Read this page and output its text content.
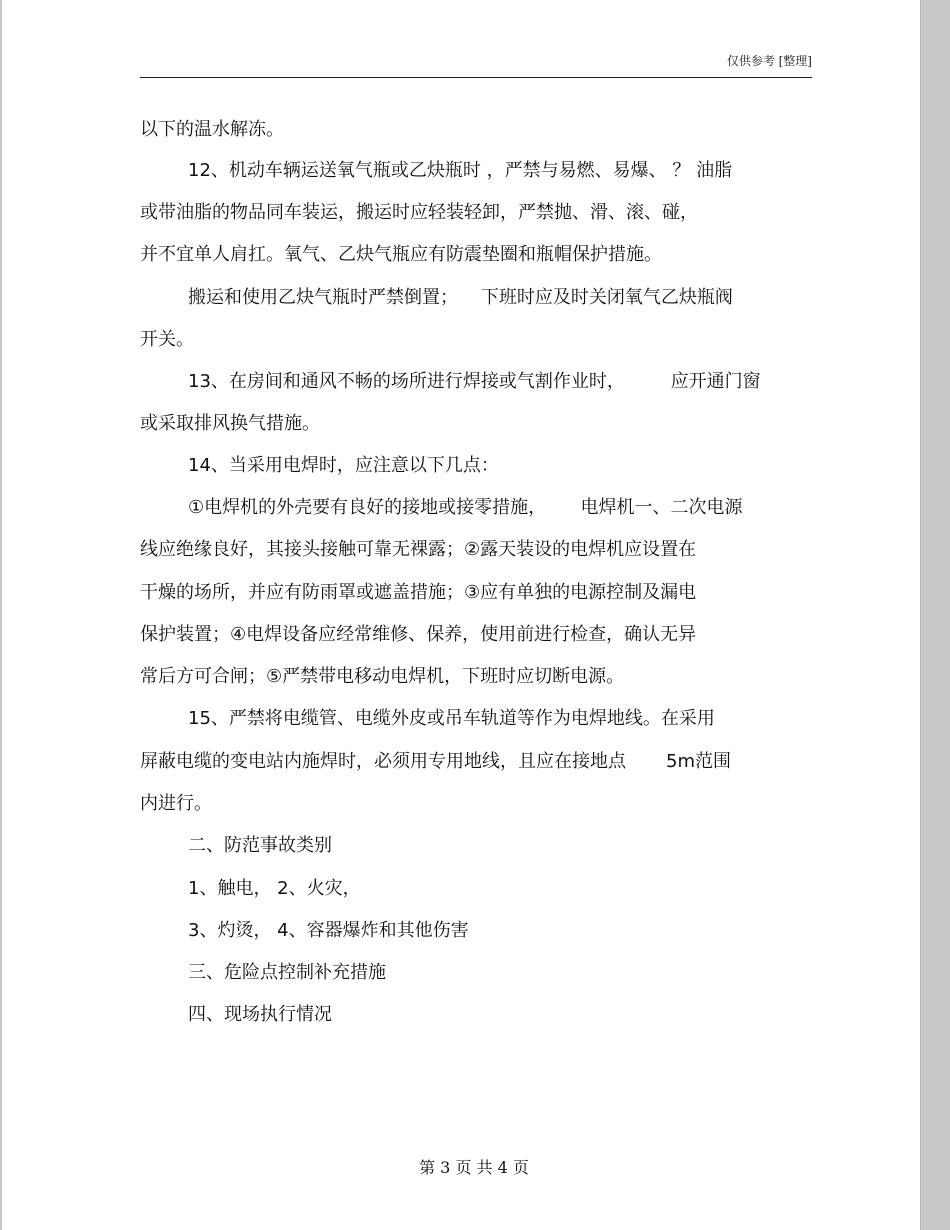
仅供参考 [整理]
以下的温水解冻。
12、机动车辆运送氧气瓶或乙炔瓶时 ，严禁与易燃、易爆、 ？ 油脂
或带油脂的物品同车装运，搬运时应轻装轻卸，严禁抛、滑、滚、碰，
并不宜单人肩扛。氧气、乙炔气瓶应有防震垫圈和瓶帽保护措施。
搬运和使用乙炔气瓶时严禁倒置；    下班时应及时关闭氧气乙炔瓶阀
开关。
13、在房间和通风不畅的场所进行焊接或气割作业时，        应开通门窗
或采取排风换气措施。
14、当采用电焊时，应注意以下几点：
①电焊机的外壳要有良好的接地或接零措施，      电焊机一、二次电源
线应绝缘良好，其接头接触可靠无裸露；②露天装设的电焊机应设置在
干燥的场所，并应有防雨罩或遮盖措施；③应有单独的电源控制及漏电
保护装置；④电焊设备应经常维修、保养，使用前进行检查，确认无异
常后方可合闸；⑤严禁带电移动电焊机，下班时应切断电源。
15、严禁将电缆管、电缆外皮或吊车轨道等作为电焊地线。在采用
屏蔽电缆的变电站内施焊时，必须用专用地线，且应在接地点       5m范围
内进行。
二、防范事故类别
1、触电， 2、火灾，
3、灼烫， 4、容器爆炸和其他伤害
三、危险点控制补充措施
四、现场执行情况
第 3 页 共 4 页
